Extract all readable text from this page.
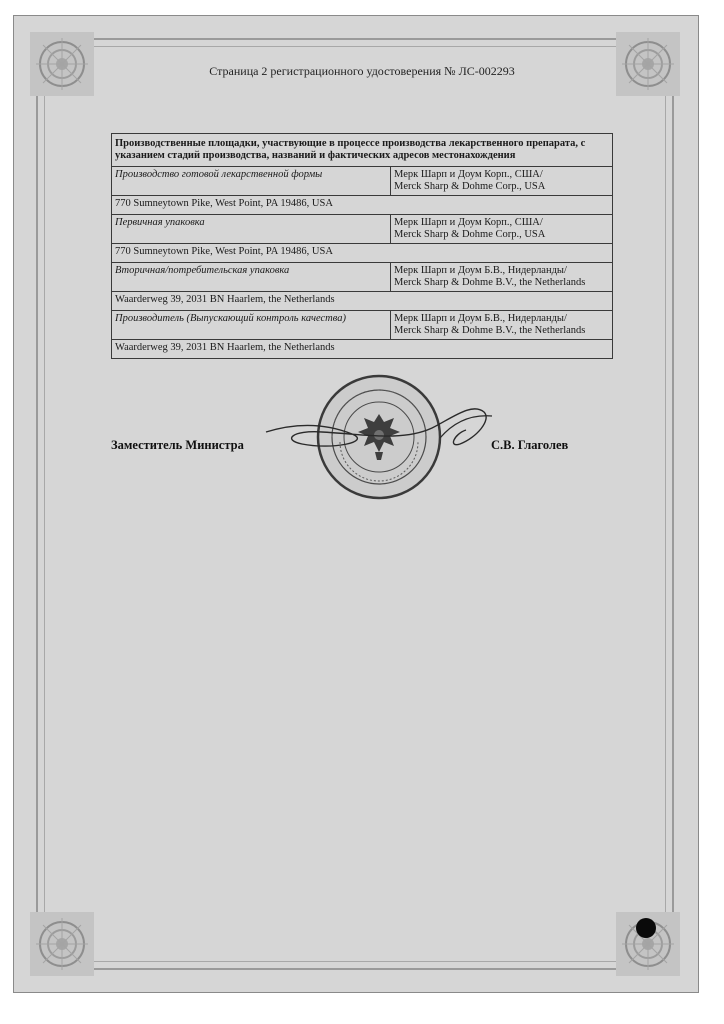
Страница 2 регистрационного удостоверения № ЛС-002293
Производственные площадки, участвующие в процессе производства лекарственного препарата, с указанием стадий производства, названий и фактических адресов местонахождения	
Производство готовой лекарственной формы	Мерк Шарп и Доум Корп., США/
Merck Sharp & Dohme Corp., USA

770 Sumneytown Pike, West Point, PA 19486, USA	
Первичная упаковка	Мерк Шарп и Доум Корп., США/
Merck Sharp & Dohme Corp., USA

770 Sumneytown Pike, West Point, PA 19486, USA	
Вторичная/потребительская упаковка	Мерк Шарп и Доум Б.В., Нидерланды/
Merck Sharp & Dohme B.V., the Netherlands

Waarderweg 39, 2031 BN Haarlem, the Netherlands	
Производитель (Выпускающий контроль качества)	Мерк Шарп и Доум Б.В., Нидерланды/
Merck Sharp & Dohme B.V., the Netherlands

Waarderweg 39, 2031 BN Haarlem, the Netherlands	
Заместитель Министра	С.В. Глаголев
